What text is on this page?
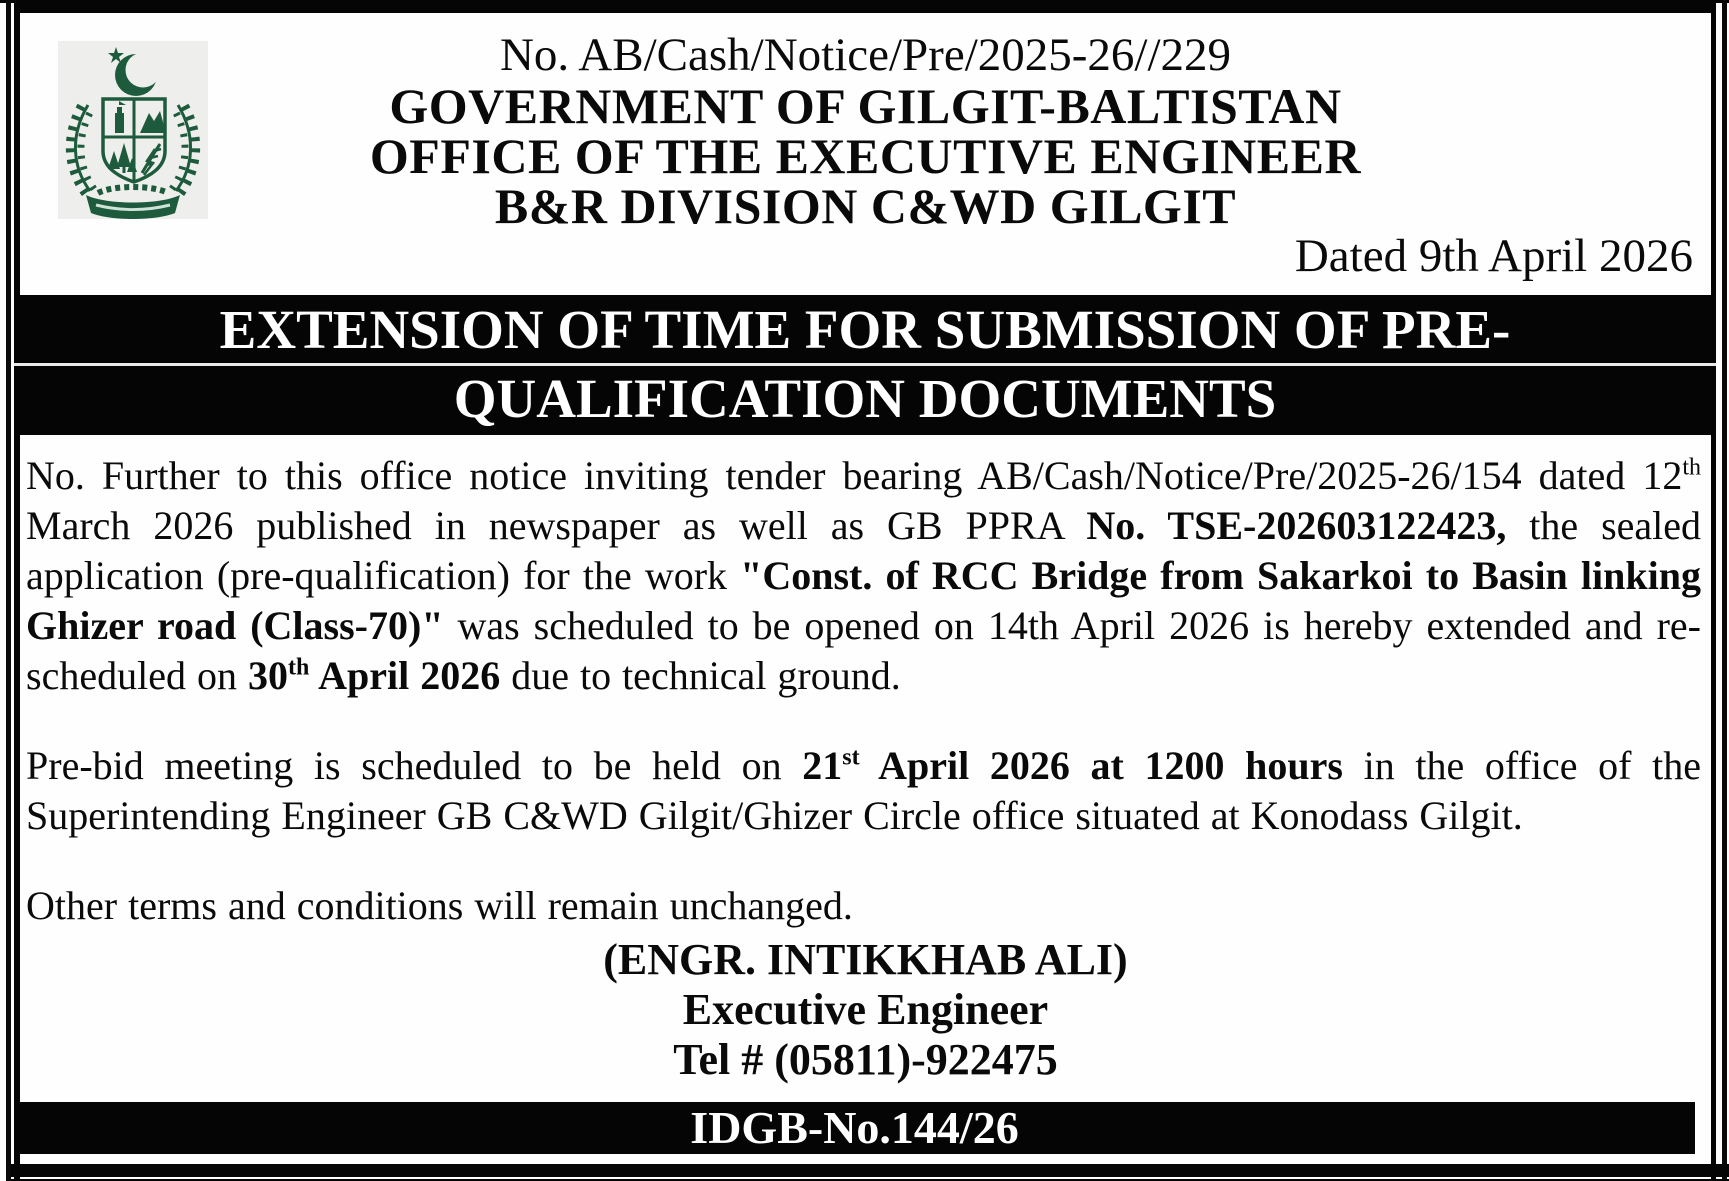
No. AB/Cash/Notice/Pre/2025-26//229
GOVERNMENT OF GILGIT-BALTISTAN
OFFICE OF THE EXECUTIVE ENGINEER
B&R DIVISION C&WD GILGIT
Dated 9th April 2026
EXTENSION OF TIME FOR SUBMISSION OF PRE-
QUALIFICATION DOCUMENTS
No. Further to this office notice inviting tender bearing AB/Cash/Notice/Pre/2025-26/154 dated 12th March 2026 published in newspaper as well as GB PPRA No. TSE-202603122423, the sealed application (pre-qualification) for the work "Const. of RCC Bridge from Sakarkoi to Basin linking Ghizer road (Class-70)" was scheduled to be opened on 14th April 2026 is hereby extended and re-scheduled on 30th April 2026 due to technical ground.
Pre-bid meeting is scheduled to be held on 21st April 2026 at 1200 hours in the office of the Superintending Engineer GB C&WD Gilgit/Ghizer Circle office situated at Konodass Gilgit.
Other terms and conditions will remain unchanged.
(ENGR. INTIKKHAB ALI)
Executive Engineer
Tel # (05811)-922475
IDGB-No.144/26
